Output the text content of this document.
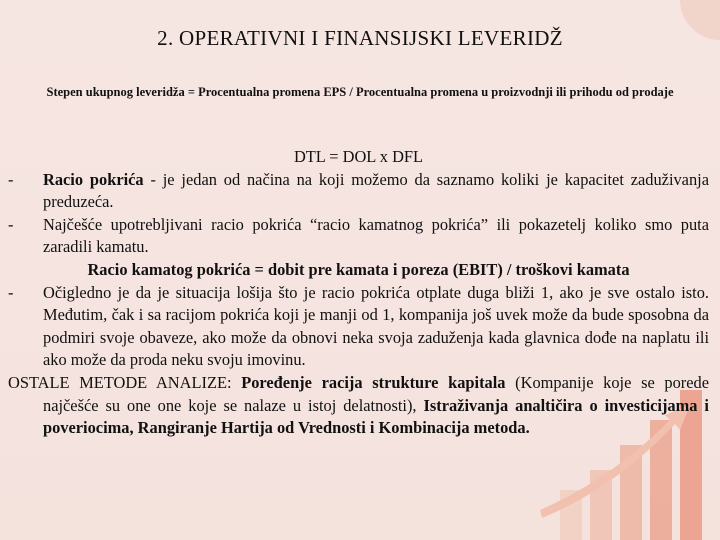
2. OPERATIVNI I FINANSIJSKI LEVERIDŽ
Stepen ukupnog leveridža = Procentualna promena EPS / Procentualna promena u proizvodnji ili prihodu od prodaje
DTL = DOL x DFL
- Racio pokrića - je jedan od načina na koji možemo da saznamo koliki je kapacitet zaduživanja preduzeća.
- Najčešće upotrebljivani racio pokrića “racio kamatnog pokrića” ili pokazetelj koliko smo puta zaradili kamatu.
Racio kamatog pokrića = dobit pre kamata i poreza (EBIT) / troškovi kamata
- Očigledno je da je situacija lošija što je racio pokrića otplate duga bliži 1, ako je sve ostalo isto. Međutim, čak i sa racijom pokrića koji je manji od 1, kompanija još uvek može da bude sposobna da podmiri svoje obaveze, ako može da obnovi neka svoja zaduženja kada glavnica dođe na naplatu ili ako može da proda neku svoju imovinu.
OSTALE METODE ANALIZE: Poređenje racija strukture kapitala (Kompanije koje se porede najčešće su one one koje se nalaze u istoj delatnosti), Istraživanja analtičira o investicijama i poveriocima, Rangiranje Hartija od Vrednosti i Kombinacija metoda.
